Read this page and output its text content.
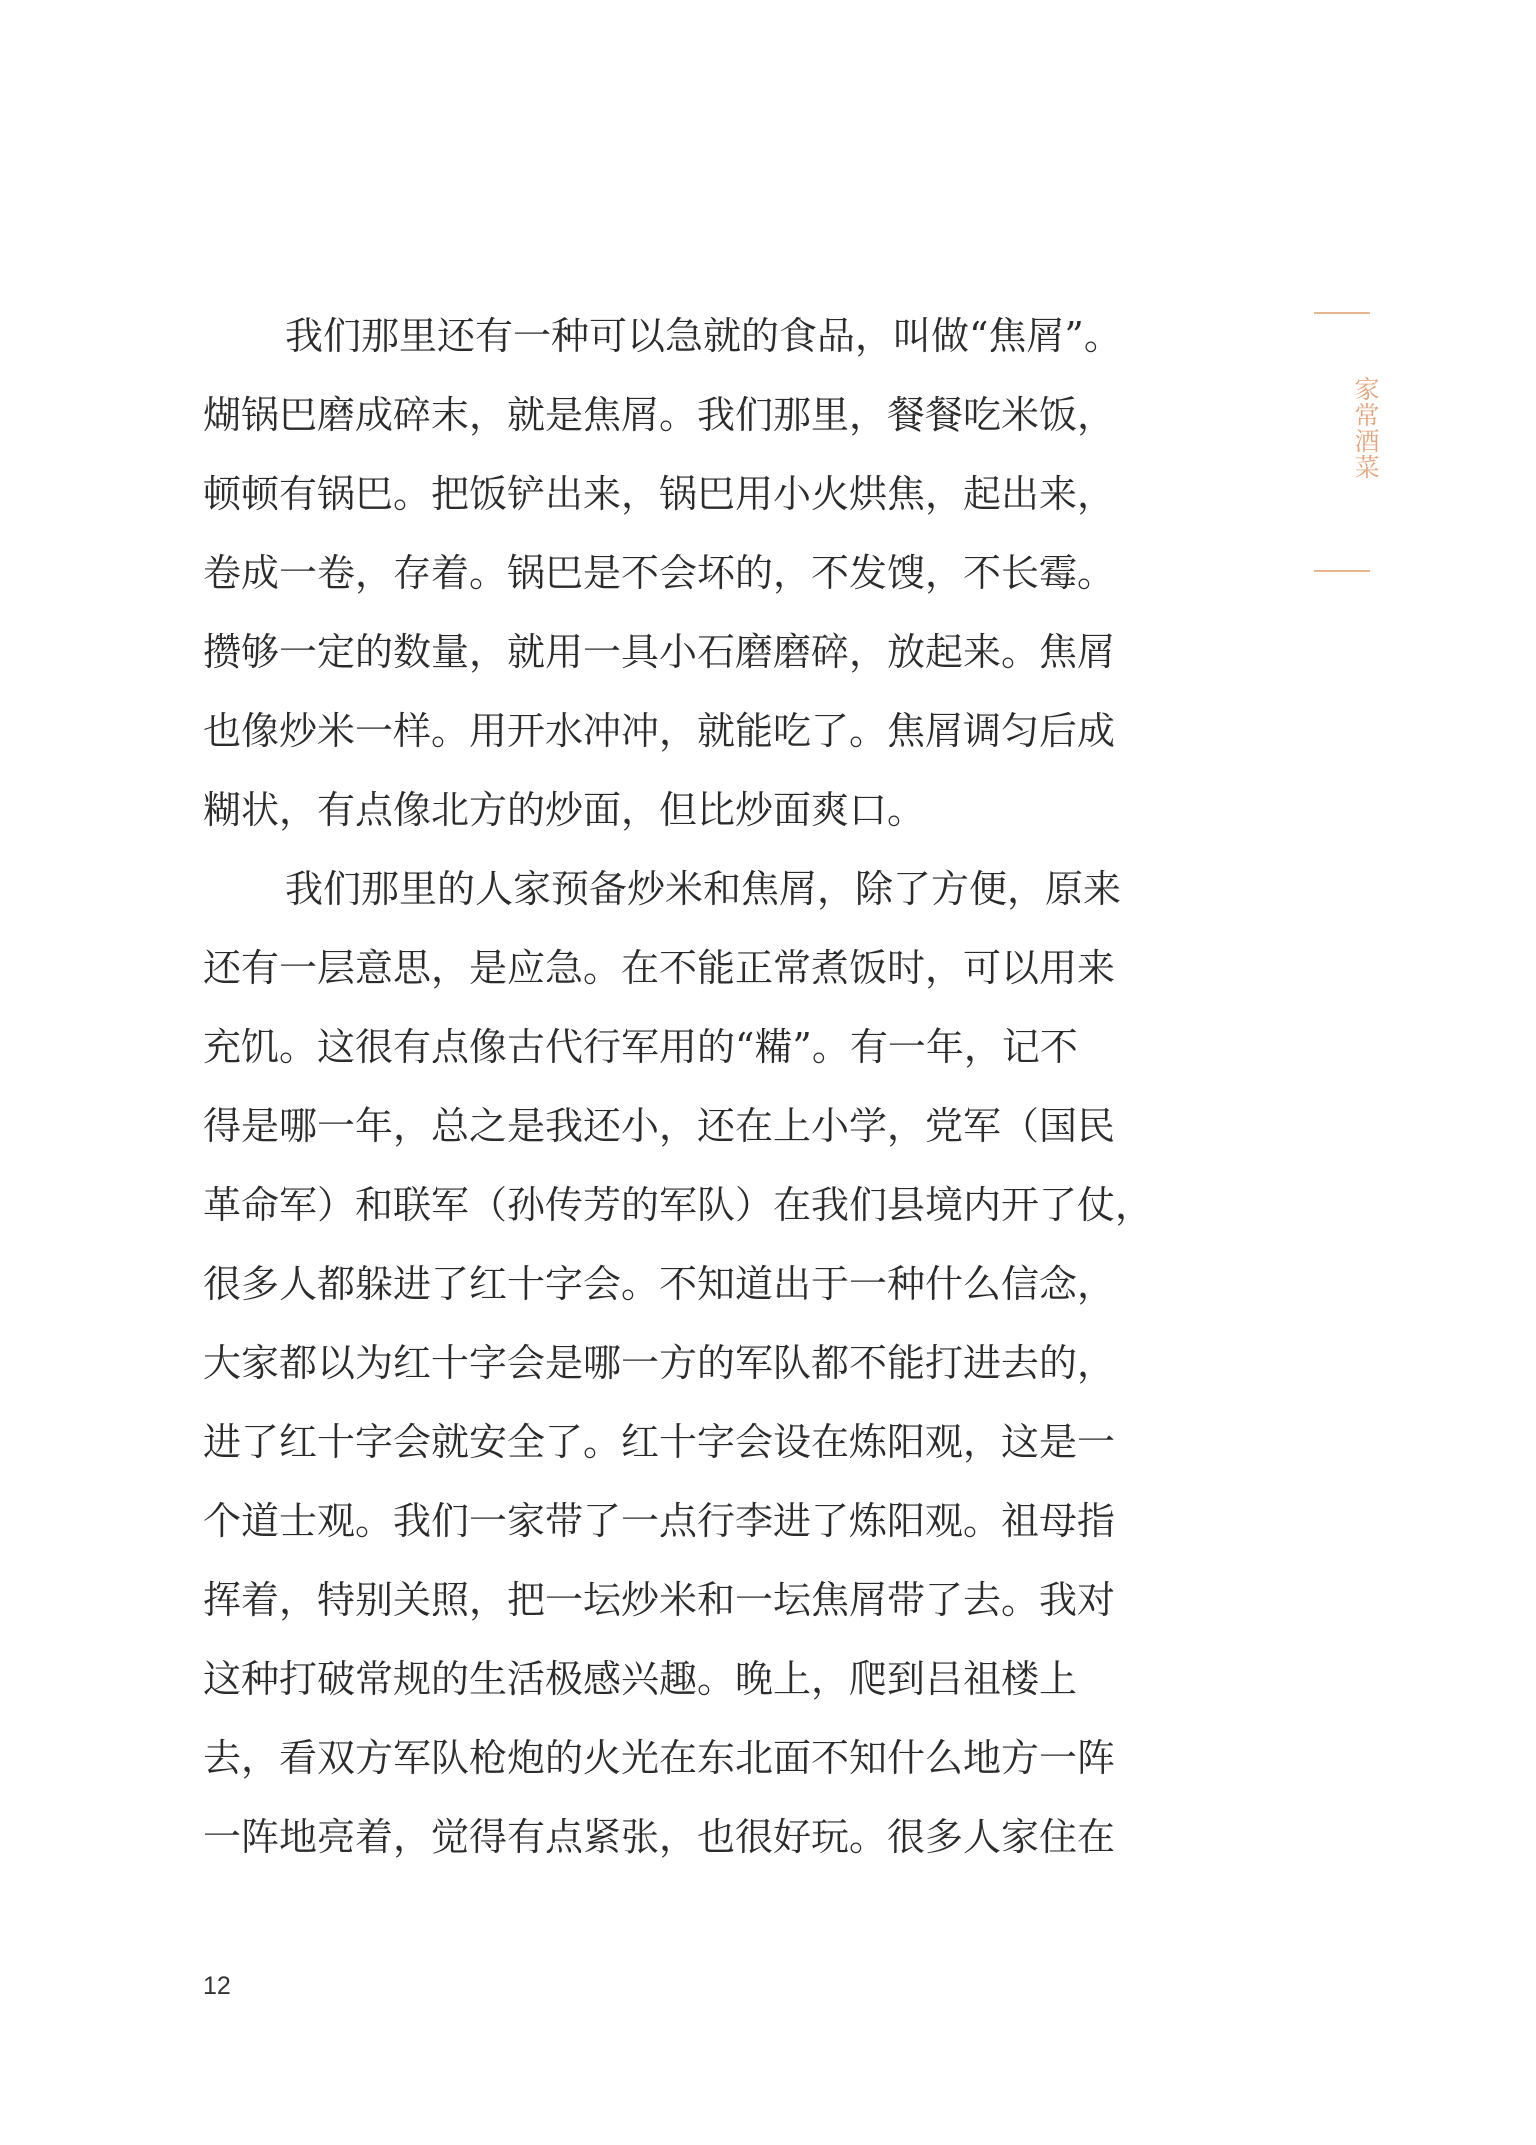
家常酒菜
我们那里还有一种可以急就的食品，叫做“焦屑”。
煳锅巴磨成碎末，就是焦屑。我们那里，餐餐吃米饭，
顿顿有锅巴。把饭铲出来，锅巴用小火烘焦，起出来，
卷成一卷，存着。锅巴是不会坏的，不发馊，不长霉。
攒够一定的数量，就用一具小石磨磨碎，放起来。焦屑
也像炒米一样。用开水冲冲，就能吃了。焦屑调匀后成
糊状，有点像北方的炒面，但比炒面爽口。
我们那里的人家预备炒米和焦屑，除了方便，原来
还有一层意思，是应急。在不能正常煮饭时，可以用来
充饥。这很有点像古代行军用的“糒”。有一年，记不
得是哪一年，总之是我还小，还在上小学，党军（国民
革命军）和联军（孙传芳的军队）在我们县境内开了仗，
很多人都躲进了红十字会。不知道出于一种什么信念，
大家都以为红十字会是哪一方的军队都不能打进去的，
进了红十字会就安全了。红十字会设在炼阳观，这是一
个道士观。我们一家带了一点行李进了炼阳观。祖母指
挥着，特别关照，把一坛炒米和一坛焦屑带了去。我对
这种打破常规的生活极感兴趣。晚上，爬到吕祖楼上
去，看双方军队枪炮的火光在东北面不知什么地方一阵
一阵地亮着，觉得有点紧张，也很好玩。很多人家住在
12
